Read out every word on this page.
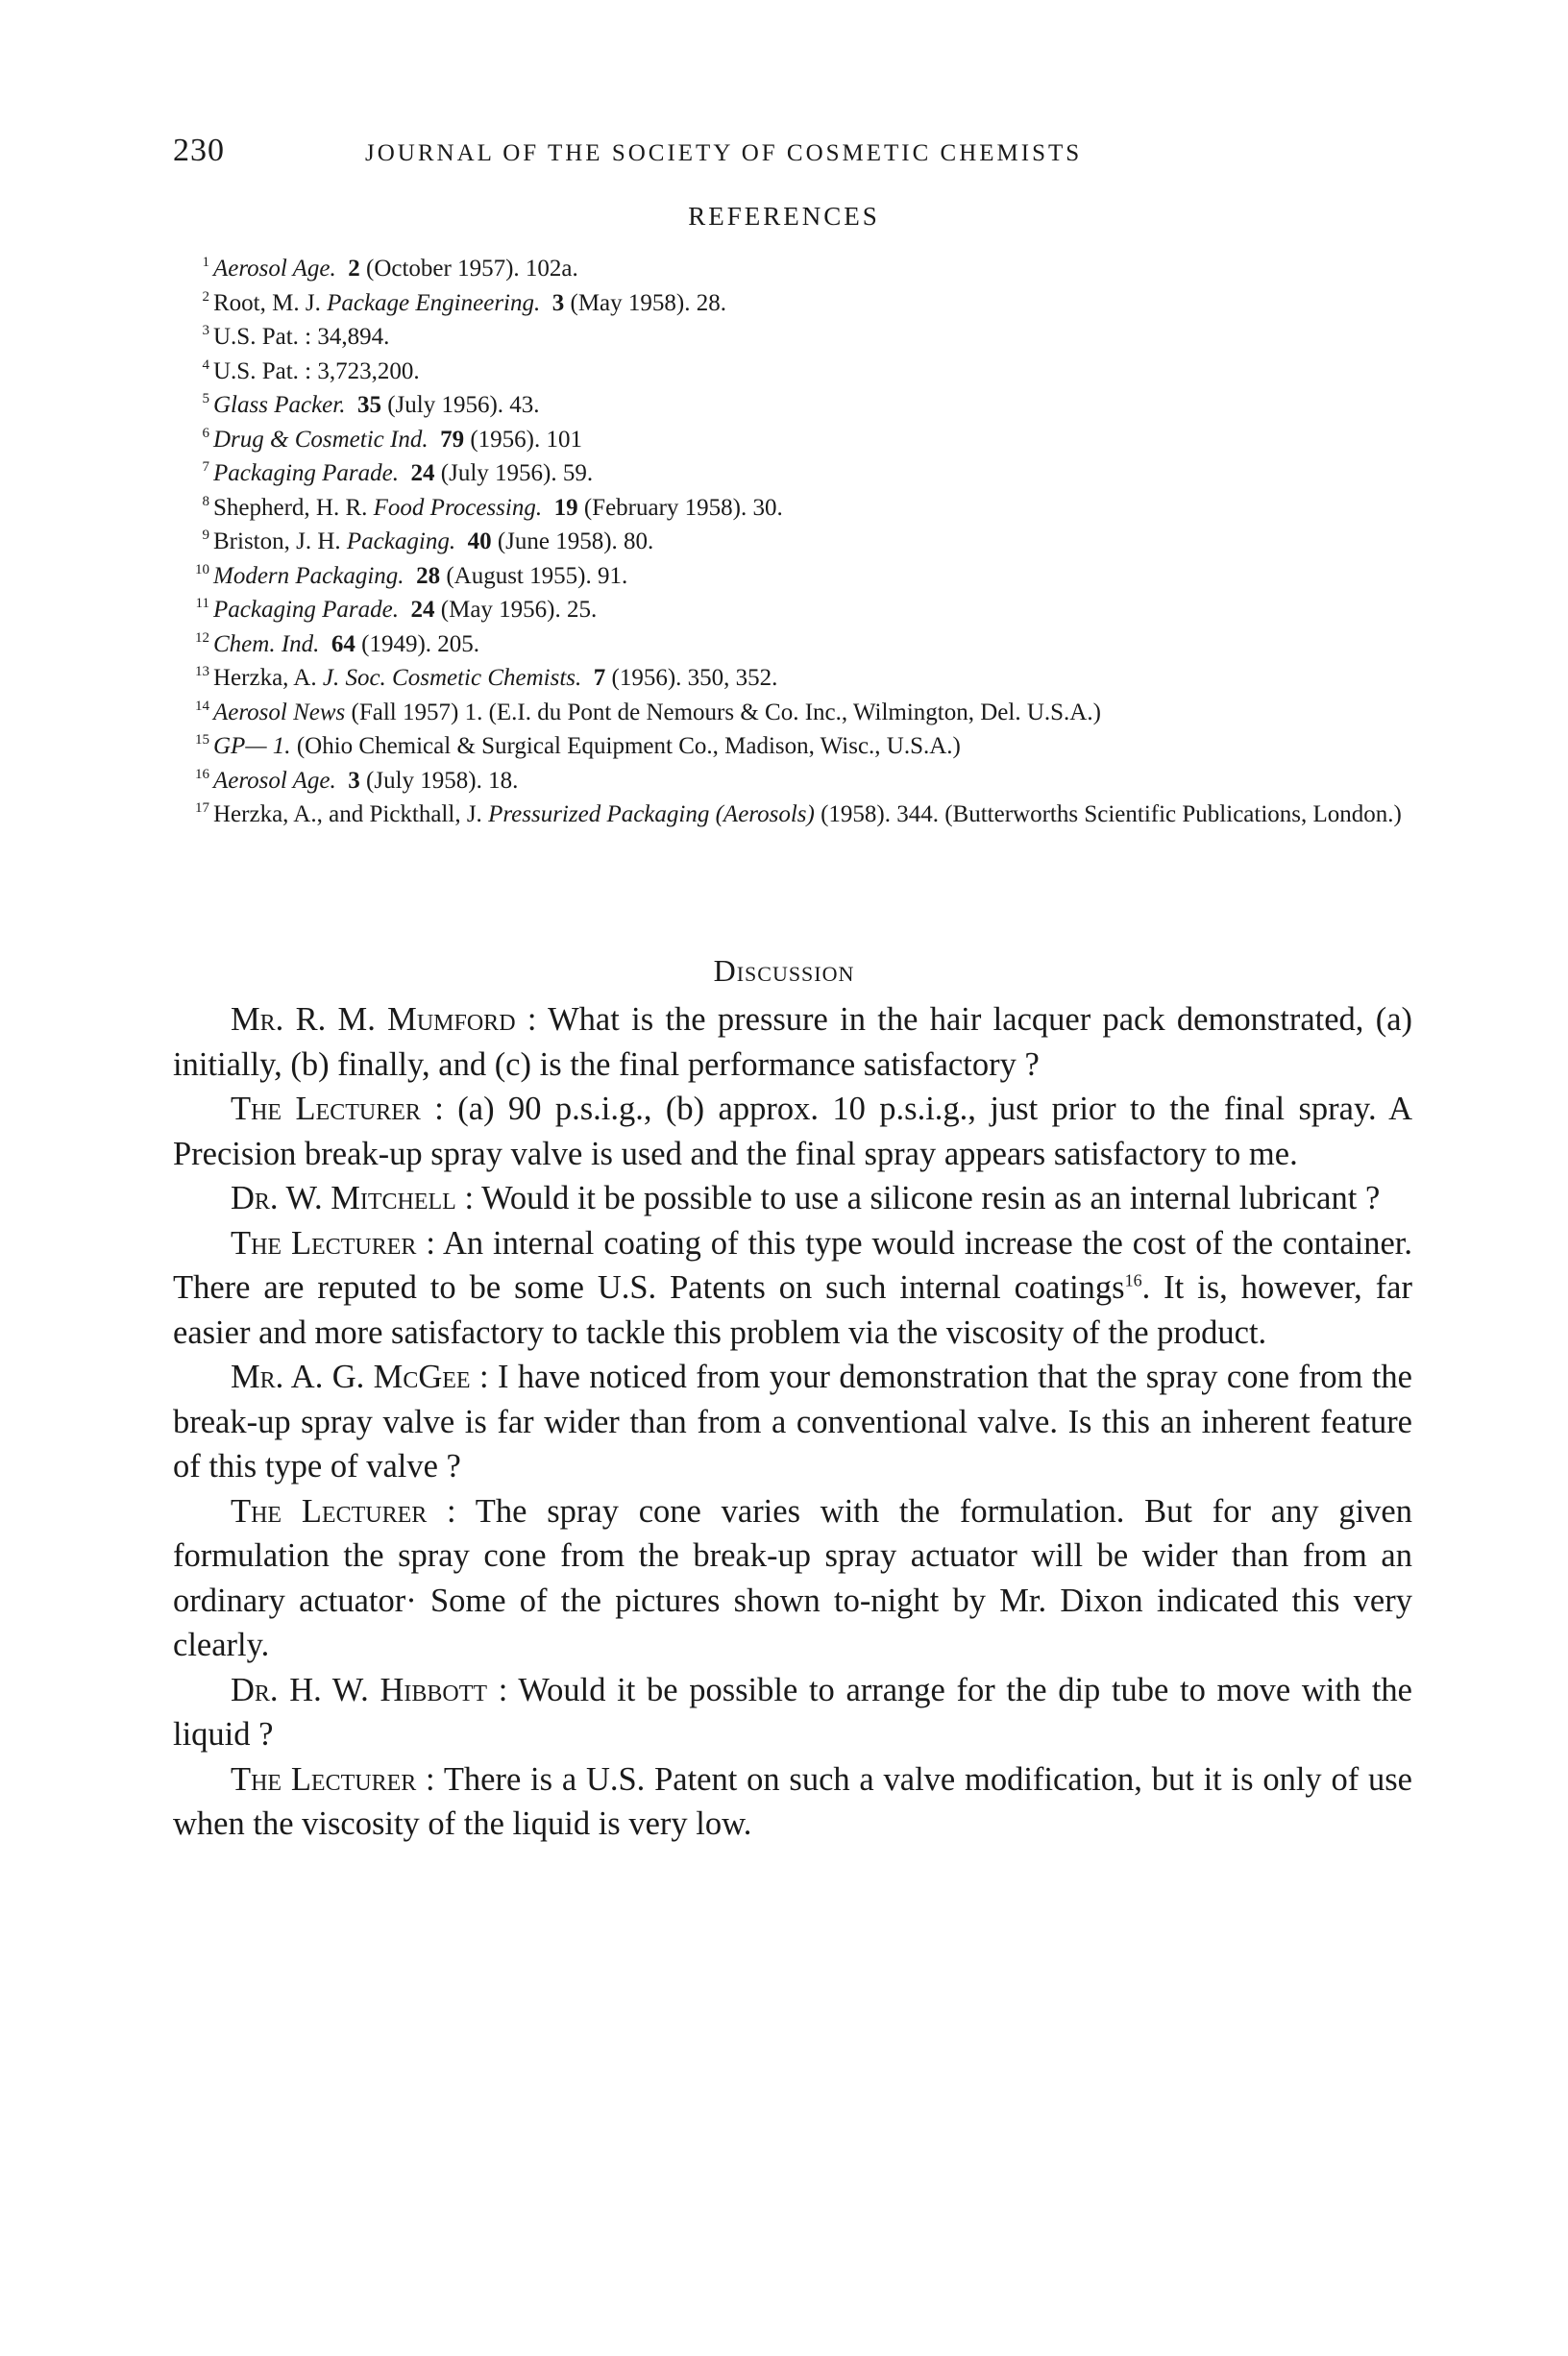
230	JOURNAL OF THE SOCIETY OF COSMETIC CHEMISTS
REFERENCES
1 Aerosol Age. 2 (October 1957). 102a.
2 Root, M. J. Package Engineering. 3 (May 1958). 28.
3 U.S. Pat. : 34,894.
4 U.S. Pat. : 3,723,200.
5 Glass Packer. 35 (July 1956). 43.
6 Drug & Cosmetic Ind. 79 (1956). 101
7 Packaging Parade. 24 (July 1956). 59.
8 Shepherd, H. R. Food Processing. 19 (February 1958). 30.
9 Briston, J. H. Packaging. 40 (June 1958). 80.
10 Modern Packaging. 28 (August 1955). 91.
11 Packaging Parade. 24 (May 1956). 25.
12 Chem. Ind. 64 (1949). 205.
13 Herzka, A. J. Soc. Cosmetic Chemists. 7 (1956). 350, 352.
14 Aerosol News (Fall 1957) 1. (E.I. du Pont de Nemours & Co. Inc., Wilmington, Del. U.S.A.)
15 GP— 1. (Ohio Chemical & Surgical Equipment Co., Madison, Wisc., U.S.A.)
16 Aerosol Age. 3 (July 1958). 18.
17 Herzka, A., and Pickthall, J. Pressurized Packaging (Aerosols) (1958). 344. (Butterworths Scientific Publications, London.)
Discussion

Mr. R. M. Mumford : What is the pressure in the hair lacquer pack demonstrated, (a) initially, (b) finally, and (c) is the final performance satisfactory ?

The Lecturer : (a) 90 p.s.i.g., (b) approx. 10 p.s.i.g., just prior to the final spray. A Precision break-up spray valve is used and the final spray appears satisfactory to me.

Dr. W. Mitchell : Would it be possible to use a silicone resin as an internal lubricant ?

The Lecturer : An internal coating of this type would increase the cost of the container. There are reputed to be some U.S. Patents on such internal coatings$^{16}$. It is, however, far easier and more satisfactory to tackle this problem via the viscosity of the product.

Mr. A. G. McGee : I have noticed from your demonstration that the spray cone from the break-up spray valve is far wider than from a conventional valve. Is this an inherent feature of this type of valve ?

The Lecturer : The spray cone varies with the formulation. But for any given formulation the spray cone from the break-up spray actuator will be wider than from an ordinary actuator· Some of the pictures shown to-night by Mr. Dixon indicated this very clearly.

Dr. H. W. Hibbott : Would it be possible to arrange for the dip tube to move with the liquid ?

The Lecturer : There is a U.S. Patent on such a valve modification, but it is only of use when the viscosity of the liquid is very low.
